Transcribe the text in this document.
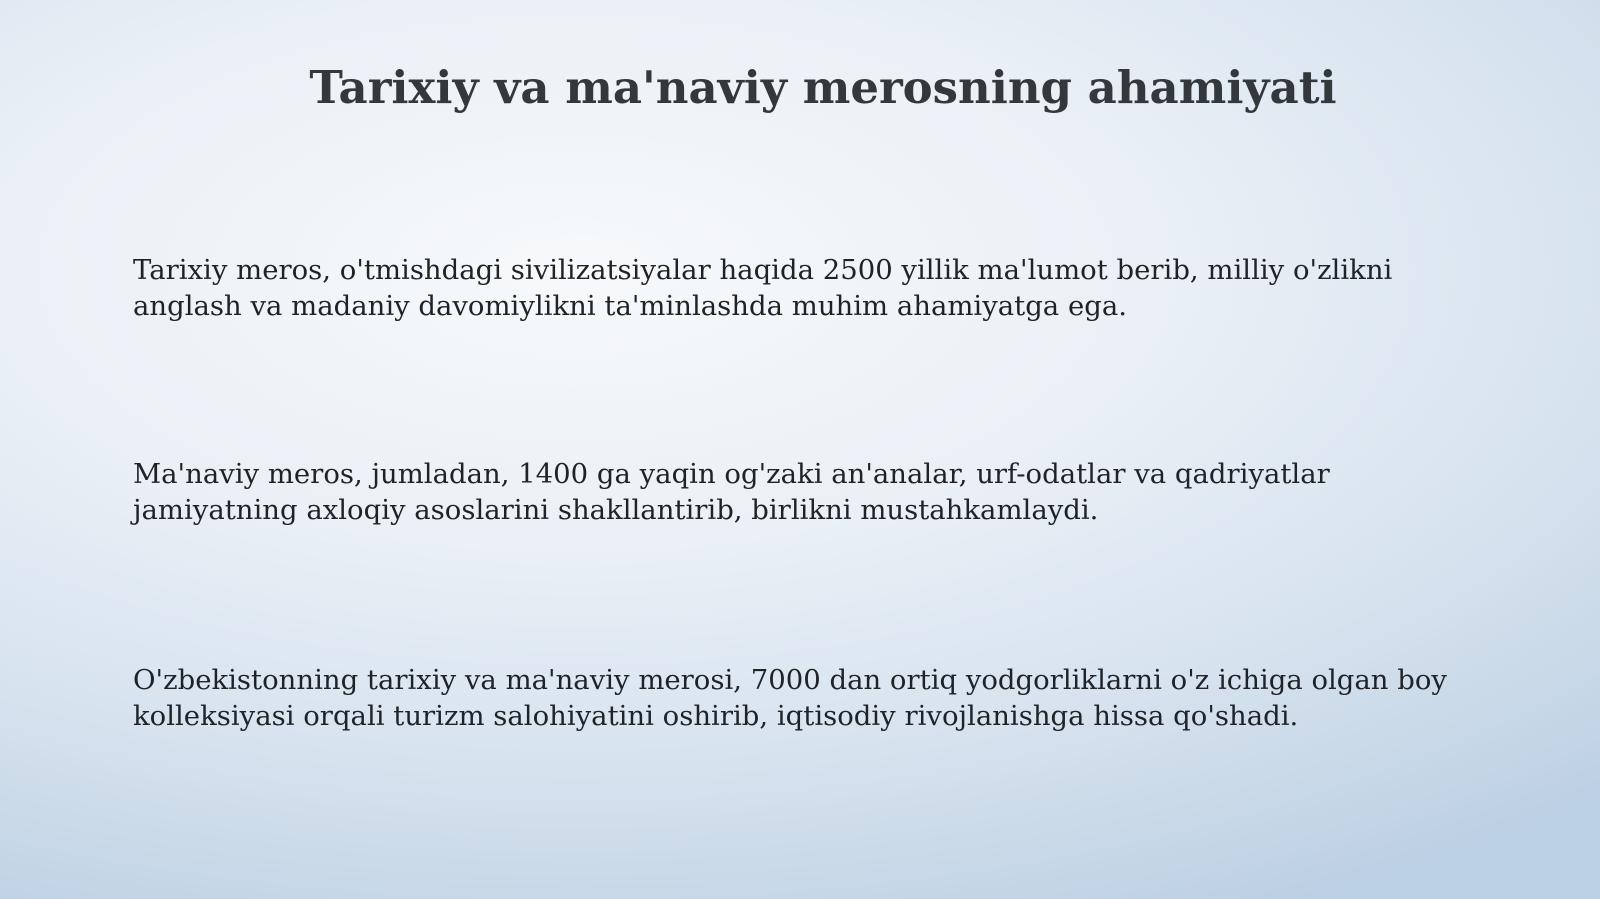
Tarixiy va ma'naviy merosning ahamiyati

Tarixiy meros, o'tmishdagi sivilizatsiyalar haqida 2500 yillik ma'lumot berib, milliy o'zlikni
anglash va madaniy davomiylikni ta'minlashda muhim ahamiyatga ega.

Ma'naviy meros, jumladan, 1400 ga yaqin og'zaki an'analar, urf-odatlar va qadriyatlar
jamiyatning axloqiy asoslarini shakllantirib, birlikni mustahkamlaydi.

O'zbekistonning tarixiy va ma'naviy merosi, 7000 dan ortiq yodgorliklarni o'z ichiga olgan boy
kolleksiyasi orqali turizm salohiyatini oshirib, iqtisodiy rivojlanishga hissa qo'shadi.
